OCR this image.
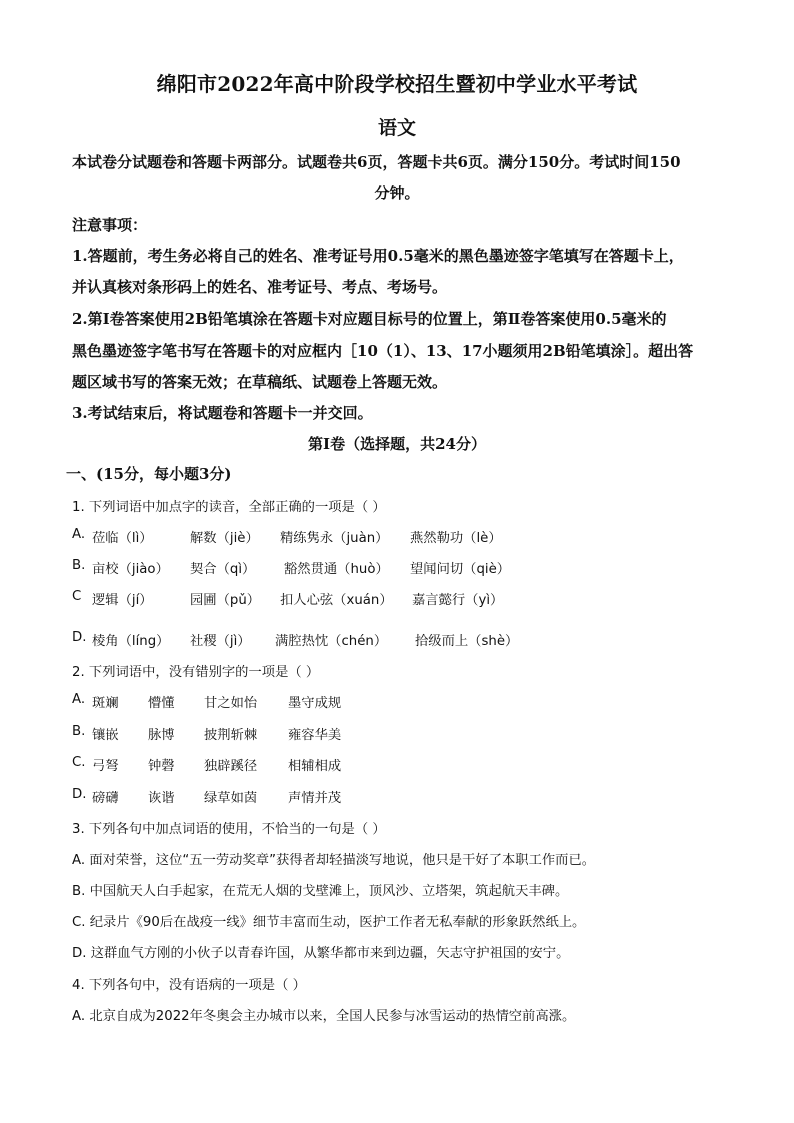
绵阳市2022年高中阶段学校招生暨初中学业水平考试
语文
本试卷分试题卷和答题卡两部分。试题卷共6页，答题卡共6页。满分150分。考试时间150
分钟。
注意事项：
1.答题前，考生务必将自己的姓名、准考证号用0.5毫米的黑色墨迹签字笔填写在答题卡上，
并认真核对条形码上的姓名、准考证号、考点、考场号。
2.第Ⅰ卷答案使用2B铅笔填涂在答题卡对应题目标号的位置上，第Ⅱ卷答案使用0.5毫米的
黑色墨迹签字笔书写在答题卡的对应框内［10（1）、13、17小题须用2B铅笔填涂］。超出答
题区域书写的答案无效；在草稿纸、试题卷上答题无效。
3.考试结束后，将试题卷和答题卡一并交回。
第Ⅰ卷（选择题，共24分）
一、(15分，每小题3分)
1. 下列词语中加点字的读音，全部正确的一项是（ ）
A. 莅临（lì）	解数（jiè） 精练隽永（juàn） 燕然勒功（lè）
B. 亩校（jiào） 契合（qì） 豁然贯通（huò） 望闻问切（qiè）
C 逻辑（jí）	园圃（pǔ） 扣人心弦（xuán） 嘉言懿行（yì）
D. 棱角（líng） 社稷（jì） 满腔热忱（chén） 拾级而上（shè）
2. 下列词语中，没有错别字的一项是（ ）
A. 斑斓 懵懂 甘之如怡 墨守成规
B. 镶嵌 脉博 披荆斩棘 雍容华美
C. 弓弩 钟磬 独辟蹊径 相辅相成
D. 磅礴 诙谐 绿草如茵 声情并茂
3. 下列各句中加点词语的使用，不恰当的一句是（ ）
A. 面对荣誉，这位“五一劳动奖章”获得者却轻描淡写地说，他只是干好了本职工作而已。
B. 中国航天人白手起家，在荒无人烟的戈壁滩上，顶风沙、立塔架，筑起航天丰碑。
C. 纪录片《90后在战疫一线》细节丰富而生动，医护工作者无私奉献的形象跃然纸上。
D. 这群血气方刚的小伙子以青春许国，从繁华都市来到边疆，矢志守护祖国的安宁。
4. 下列各句中，没有语病的一项是（ ）
A. 北京自成为2022年冬奥会主办城市以来，全国人民参与冰雪运动的热情空前高涨。
